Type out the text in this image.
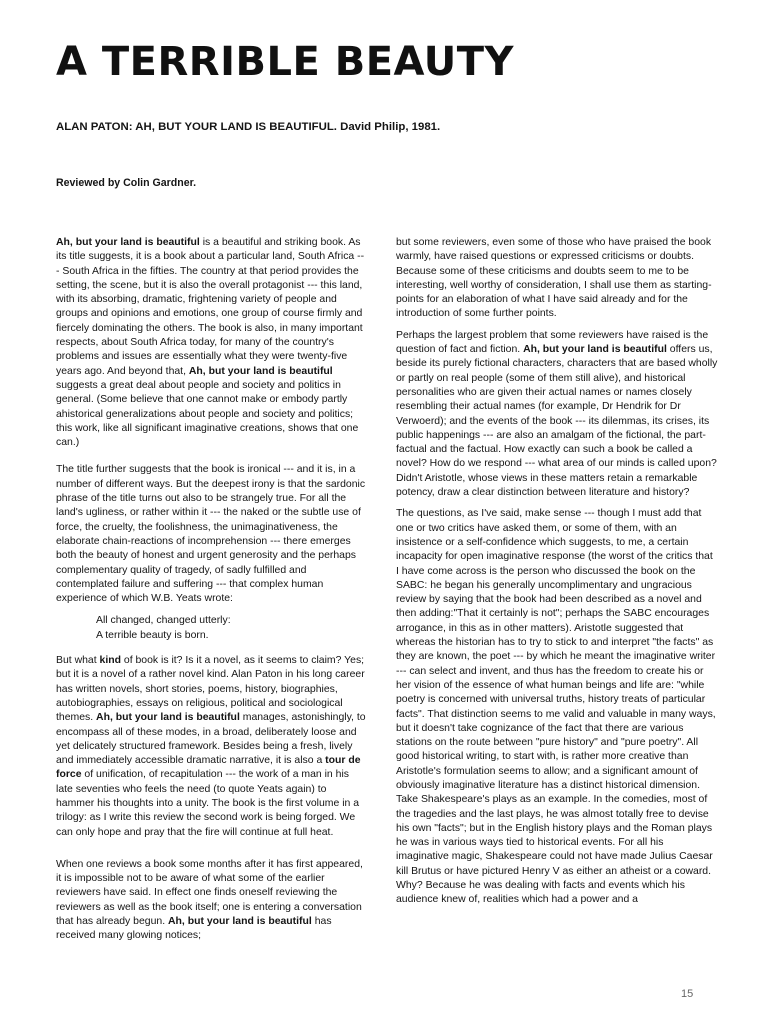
A TERRIBLE BEAUTY

ALAN PATON: AH, BUT YOUR LAND IS BEAUTIFUL. David Philip, 1981.

Reviewed by Colin Gardner.

Ah, but your land is beautiful is a beautiful and striking book. As its title suggests, it is a book about a particular land, South Africa --- South Africa in the fifties. The country at that period provides the setting, the scene, but it is also the overall protagonist --- this land, with its absorbing, dramatic, frightening variety of people and groups and opinions and emotions, one group of course firmly and fiercely dominating the others. The book is also, in many important respects, about South Africa today, for many of the country's problems and issues are essentially what they were twenty-five years ago. And beyond that, Ah, but your land is beautiful suggests a great deal about people and society and politics in general. (Some believe that one cannot make or embody partly ahistorical generalizations about people and society and politics; this work, like all significant imaginative creations, shows that one can.)

The title further suggests that the book is ironical --- and it is, in a number of different ways. But the deepest irony is that the sardonic phrase of the title turns out also to be strangely true. For all the land's ugliness, or rather within it --- the naked or the subtle use of force, the cruelty, the foolishness, the unimaginativeness, the elaborate chain-reactions of incomprehension --- there emerges both the beauty of honest and urgent generosity and the perhaps complementary quality of tragedy, of sadly fulfilled and contemplated failure and suffering --- that complex human experience of which W.B. Yeats wrote:

All changed, changed utterly:
A terrible beauty is born.

But what kind of book is it? Is it a novel, as it seems to claim? Yes; but it is a novel of a rather novel kind. Alan Paton in his long career has written novels, short stories, poems, history, biographies, autobiographies, essays on religious, political and sociological themes. Ah, but your land is beautiful manages, astonishingly, to encompass all of these modes, in a broad, deliberately loose and yet delicately structured framework. Besides being a fresh, lively and immediately accessible dramatic narrative, it is also a tour de force of unification, of recapitulation --- the work of a man in his late seventies who feels the need (to quote Yeats again) to hammer his thoughts into a unity. The book is the first volume in a trilogy: as I write this review the second work is being forged. We can only hope and pray that the fire will continue at full heat.

When one reviews a book some months after it has first appeared, it is impossible not to be aware of what some of the earlier reviewers have said. In effect one finds oneself reviewing the reviewers as well as the book itself; one is entering a conversation that has already begun. Ah, but your land is beautiful has received many glowing notices;

but some reviewers, even some of those who have praised the book warmly, have raised questions or expressed criticisms or doubts. Because some of these criticisms and doubts seem to me to be interesting, well worthy of consideration, I shall use them as starting-points for an elaboration of what I have said already and for the introduction of some further points.

Perhaps the largest problem that some reviewers have raised is the question of fact and fiction. Ah, but your land is beautiful offers us, beside its purely fictional characters, characters that are based wholly or partly on real people (some of them still alive), and historical personalities who are given their actual names or names closely resembling their actual names (for example, Dr Hendrik for Dr Verwoerd); and the events of the book --- its dilemmas, its crises, its public happenings --- are also an amalgam of the fictional, the part-factual and the factual. How exactly can such a book be called a novel? How do we respond --- what area of our minds is called upon? Didn't Aristotle, whose views in these matters retain a remarkable potency, draw a clear distinction between literature and history?

The questions, as I've said, make sense --- though I must add that one or two critics have asked them, or some of them, with an insistence or a self-confidence which suggests, to me, a certain incapacity for open imaginative response (the worst of the critics that I have come across is the person who discussed the book on the SABC: he began his generally uncomplimentary and ungracious review by saying that the book had been described as a novel and then adding:"That it certainly is not"; perhaps the SABC encourages arrogance, in this as in other matters). Aristotle suggested that whereas the historian has to try to stick to and interpret "the facts" as they are known, the poet --- by which he meant the imaginative writer --- can select and invent, and thus has the freedom to create his or her vision of the essence of what human beings and life are: "while poetry is concerned with universal truths, history treats of particular facts". That distinction seems to me valid and valuable in many ways, but it doesn't take cognizance of the fact that there are various stations on the route between "pure history" and "pure poetry". All good historical writing, to start with, is rather more creative than Aristotle's formulation seems to allow; and a significant amount of obviously imaginative literature has a distinct historical dimension. Take Shakespeare's plays as an example. In the comedies, most of the tragedies and the last plays, he was almost totally free to devise his own "facts"; but in the English history plays and the Roman plays he was in various ways tied to historical events. For all his imaginative magic, Shakespeare could not have made Julius Caesar kill Brutus or have pictured Henry V as either an atheist or a coward. Why? Because he was dealing with facts and events which his audience knew of, realities which had a power and a

15
